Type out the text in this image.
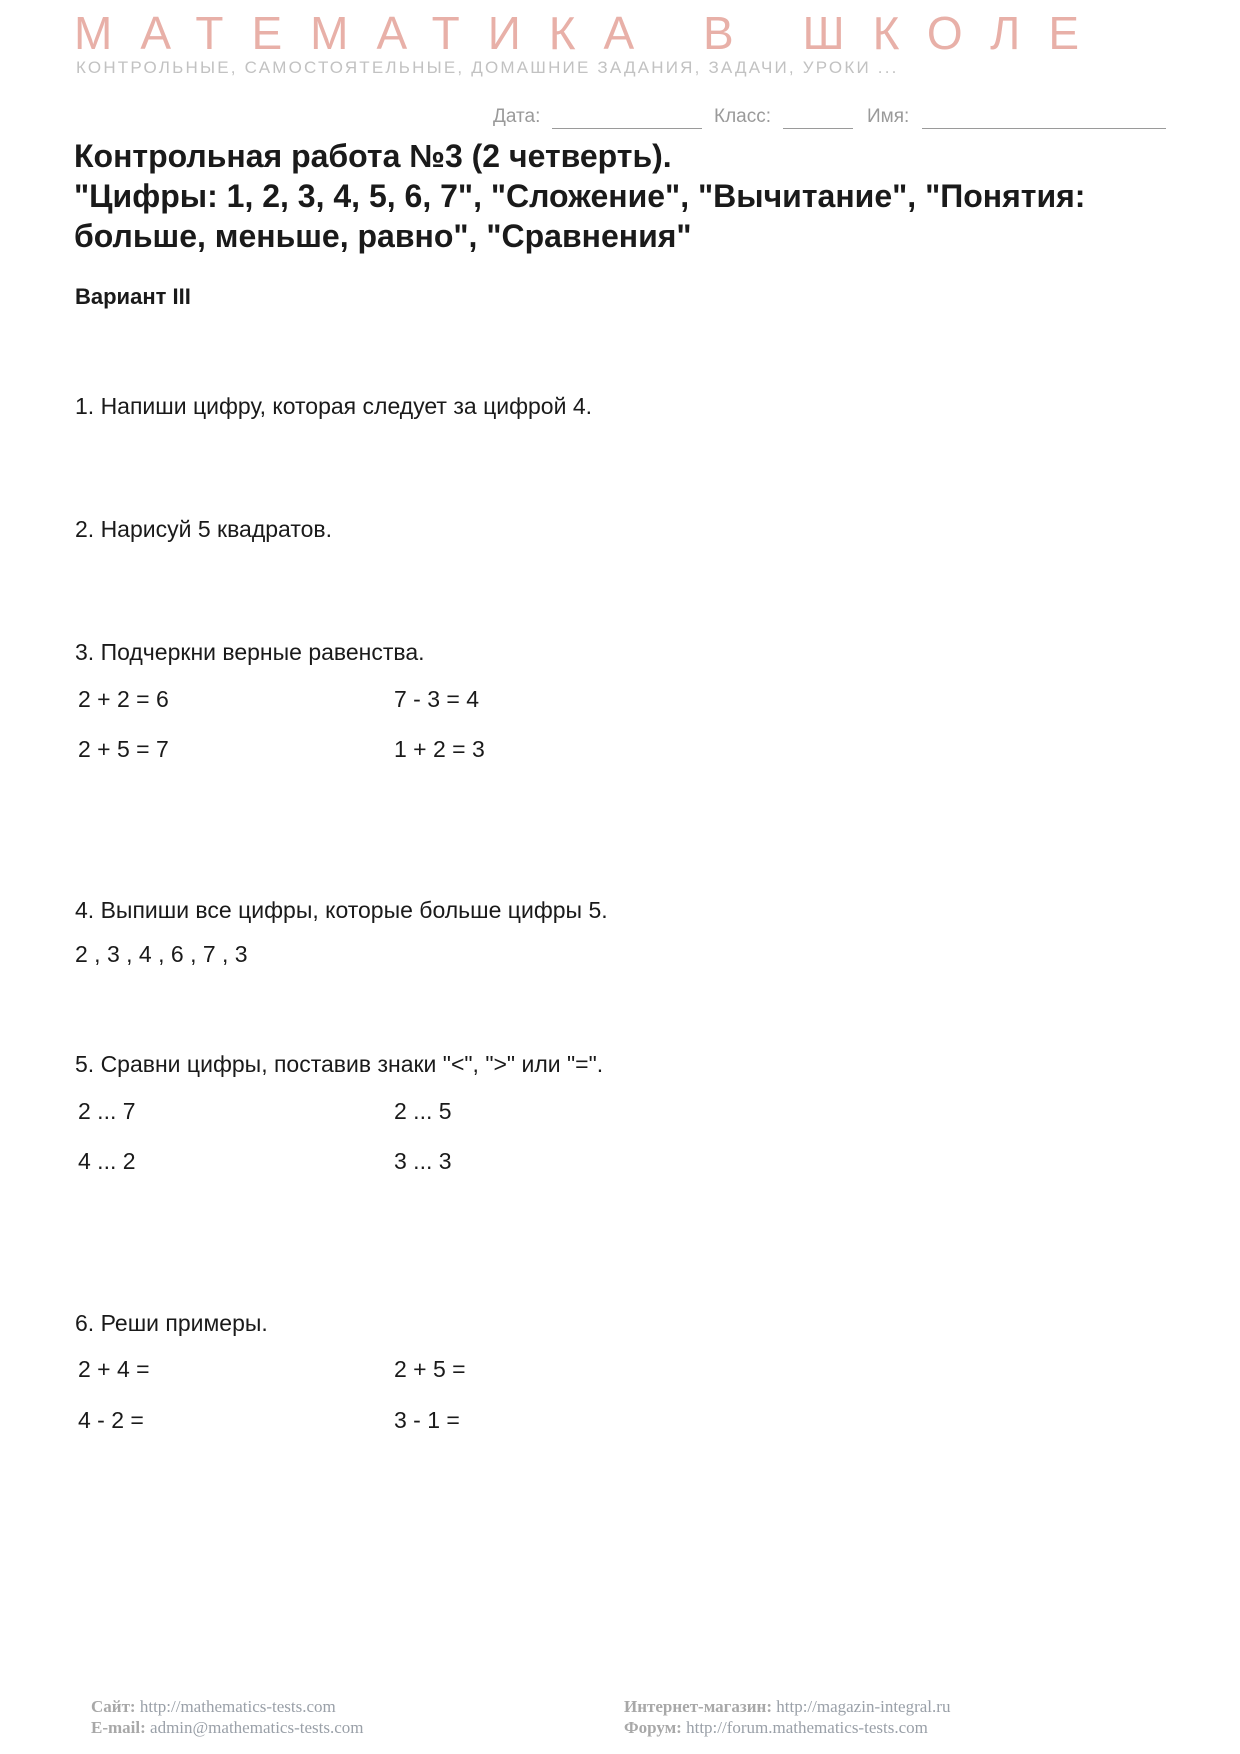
МАТЕМАТИКА В ШКОЛЕ
КОНТРОЛЬНЫЕ, САМОСТОЯТЕЛЬНЫЕ, ДОМАШНИЕ ЗАДАНИЯ, ЗАДАЧИ, УРОКИ ...
Дата:	Класс:	Имя:
Контрольная работа №3 (2 четверть).
"Цифры: 1, 2, 3, 4, 5, 6, 7", "Сложение", "Вычитание", "Понятия:
больше, меньше, равно", "Сравнения"
Вариант III
1. Напиши цифру, которая следует за цифрой 4.
2. Нарисуй 5 квадратов.
3. Подчеркни верные равенства.
2 + 2 = 6	7 - 3 = 4
2 + 5 = 7	1 + 2 = 3
4. Выпиши все цифры, которые больше цифры 5.
2 , 3 , 4 , 6 , 7 , 3
5. Сравни цифры, поставив знаки "<", ">" или "=".
2 ... 7	2 ... 5
4 ... 2	3 ... 3
6. Реши примеры.
2 + 4 =	2 + 5 =
4 - 2 =	3 - 1 =
Сайт: http://mathematics-tests.com
E-mail: admin@mathematics-tests.com
Интернет-магазин: http://magazin-integral.ru
Форум: http://forum.mathematics-tests.com
